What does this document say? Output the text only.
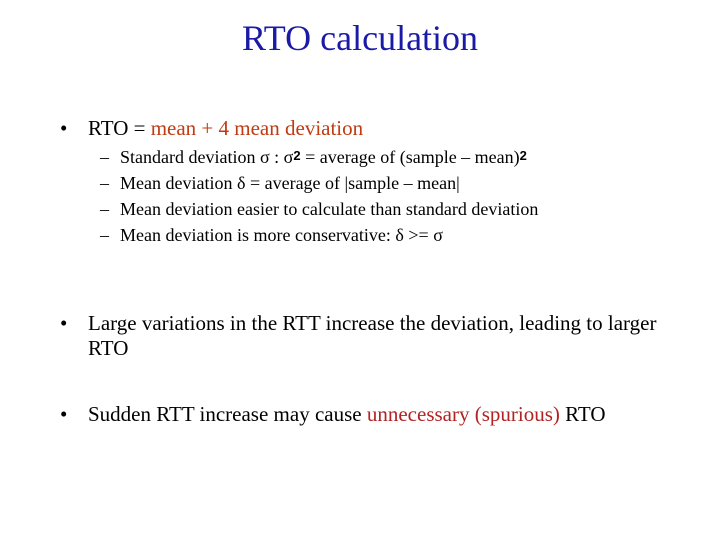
RTO calculation
• RTO = mean + 4 mean deviation
– Standard deviation σ : σ2 = average of (sample – mean)2
– Mean deviation δ = average of |sample – mean|
– Mean deviation easier to calculate than standard deviation
– Mean deviation is more conservative: δ >= σ
• Large variations in the RTT increase the deviation, leading to larger RTO
• Sudden RTT increase may cause unnecessary (spurious) RTO
